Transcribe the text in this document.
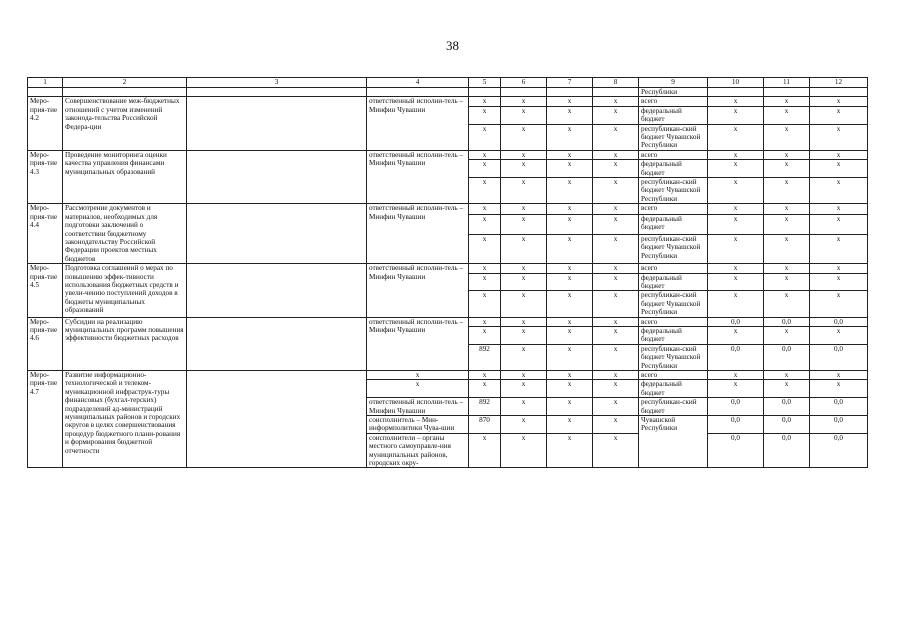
38
1	2	3	4	5	6	7	8	9	10	11	12
								Республики			
Меро-прия-тие 4.2	Совершенствование меж-бюджетных отношений с учетом изменений законода-тельства Российской Федера-ции		ответственный исполни-тель – Минфин Чувашии	x	x	x	x	всего	x	x	x
				x	x	x	x	федеральный бюджет	x	x	x
				x	x	x	x	республикан-ский бюджет Чувашской Республики	x	x	x
Меро-прия-тие 4.3	Проведение мониторинга оценки качества управления финансами муниципальных образований		ответственный исполни-тель – Минфин Чувашии	x	x	x	x	всего	x	x	x
				x	x	x	x	федеральный бюджет	x	x	x
				x	x	x	x	республикан-ский бюджет Чувашской Республики	x	x	x
Меро-прия-тие 4.4	Рассмотрение документов и материалов, необходимых для подготовки заключений о соответствии бюджетному законодательству Российской Федерации проектов местных бюджетов		ответственный исполни-тель – Минфин Чувашии	x	x	x	x	всего	x	x	x
				x	x	x	x	федеральный бюджет	x	x	x
				x	x	x	x	республикан-ский бюджет Чувашской Республики	x	x	x
Меро-прия-тие 4.5	Подготовка соглашений о мерах по повышению эффек-тивности использования бюджетных средств и увели-чению поступлений доходов в бюджеты муниципальных образований		ответственный исполни-тель – Минфин Чувашии	x	x	x	x	всего	x	x	x
				x	x	x	x	федеральный бюджет	x	x	x
				x	x	x	x	республикан-ский бюджет Чувашской Республики	x	x	x
Меро-прия-тие 4.6	Субсидии на реализацию муниципальных программ повышения эффективности бюджетных расходов		ответственный исполни-тель – Минфин Чувашии	x	x	x	x	всего	0,0	0,0	0,0
				x	x	x	x	федеральный бюджет	x	x	x
				892	x	x	x	республикан-ский бюджет Чувашской Республики	0,0	0,0	0,0
Меро-прия-тие 4.7	Развитие информационно-технологической и телеком-муникационной инфраструк-туры финансовых (бухгал-терских) подразделений ад-министраций муниципальных районов и городских округов в целях совершенствования процедур бюджетного плани-рования и формирования бюджетной отчетности		x	x	x	x	x	всего	x	x	x
			x	x	x	x	x	федеральный бюджет	x	x	x
			ответственный исполни-тель – Минфин Чувашии	892	x	x	x	республикан-ский бюджет	0,0	0,0	0,0
			соисполнитель – Мин-информполитики Чува-шии	870	x	x	x	Чувашской Республики	0,0	0,0	0,0
			соисполнители – органы местного самоуправле-ния муниципальных районов, городских окру-	x	x	x	x		0,0	0,0	0,0
